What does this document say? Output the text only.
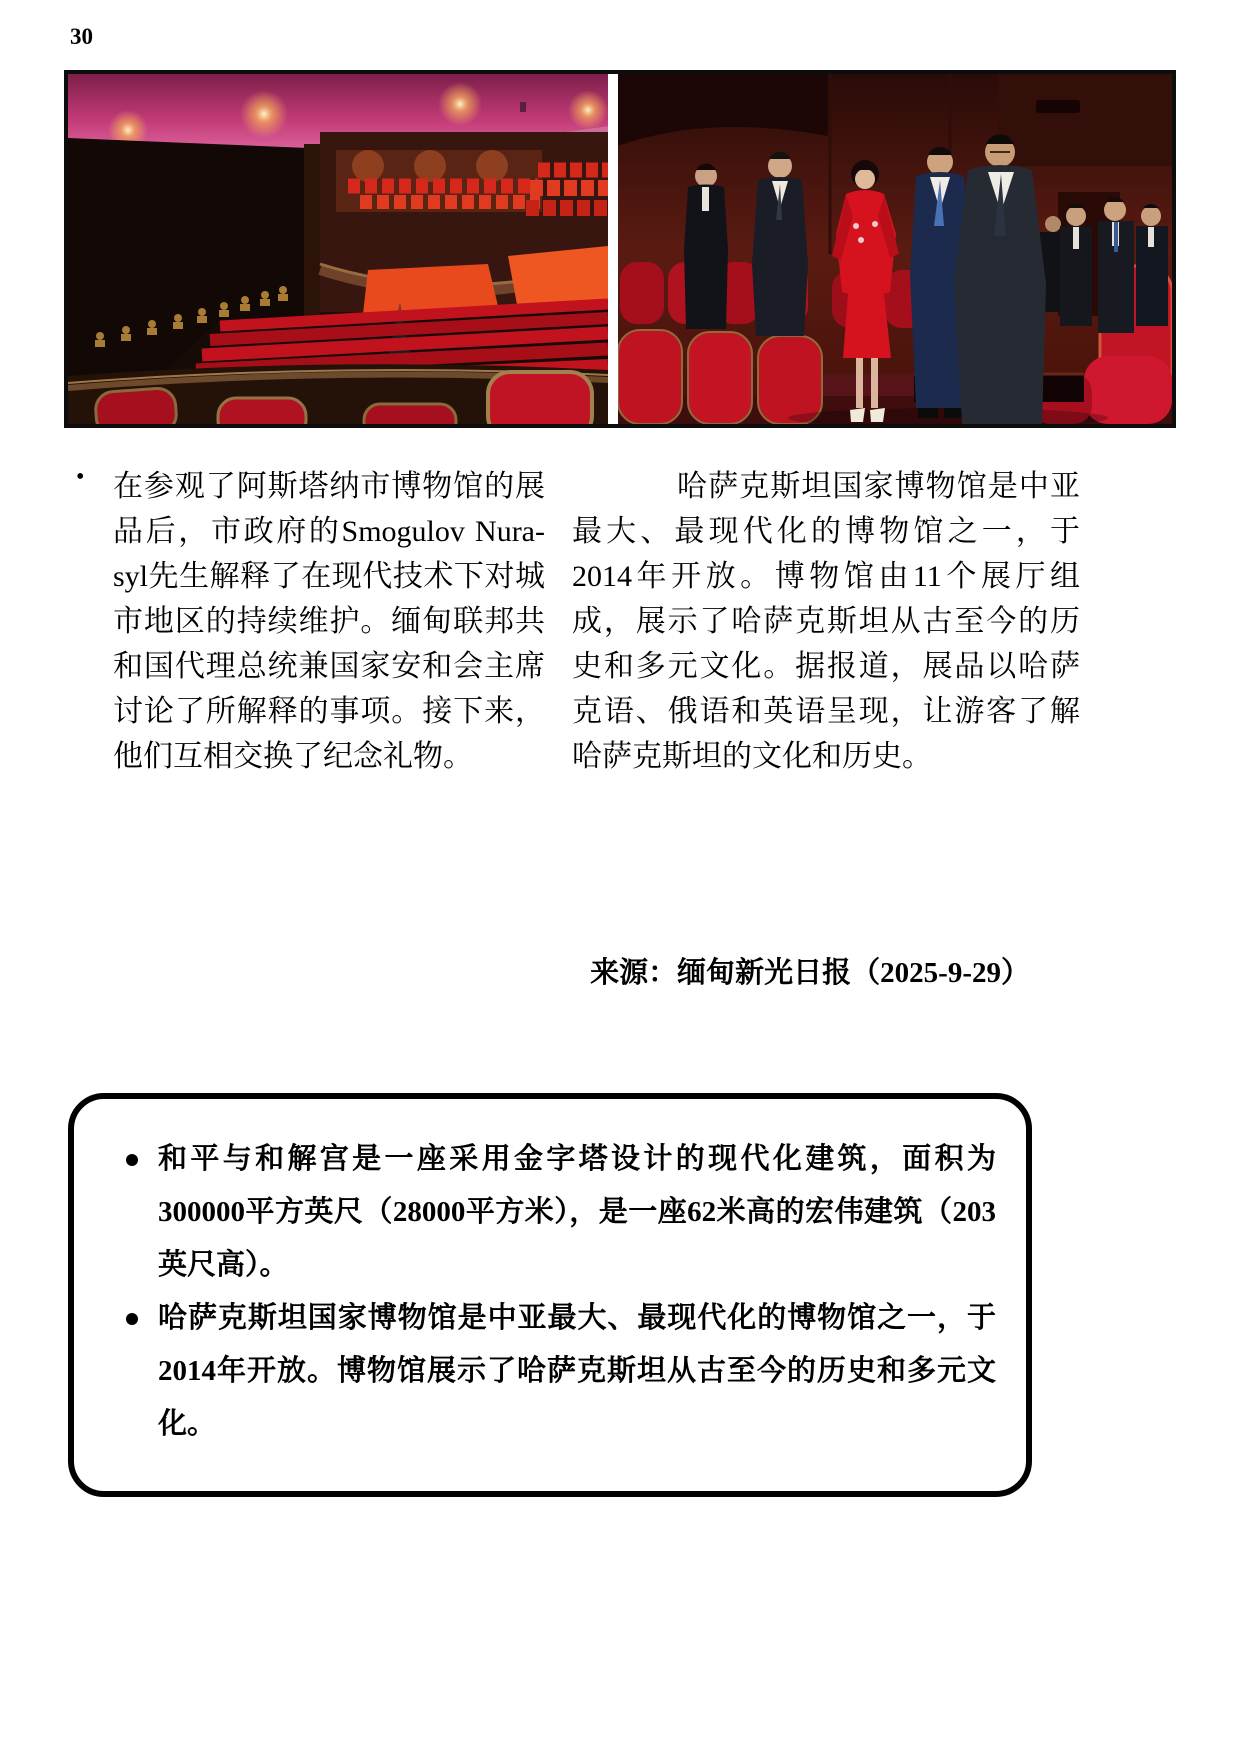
30
• 在参观了阿斯塔纳市博物馆的展品后，市政府的Smogulov Nura-syl先生解释了在现代技术下对城市地区的持续维护。缅甸联邦共和国代理总统兼国家安和会主席讨论了所解释的事项。接下来，他们互相交换了纪念礼物。
哈萨克斯坦国家博物馆是中亚最大、最现代化的博物馆之一，于2014年开放。博物馆由11个展厅组成，展示了哈萨克斯坦从古至今的历史和多元文化。据报道，展品以哈萨克语、俄语和英语呈现，让游客了解哈萨克斯坦的文化和历史。
来源：缅甸新光日报（2025-9-29）
和平与和解宫是一座采用金字塔设计的现代化建筑，面积为300000平方英尺（28000平方米），是一座62米高的宏伟建筑（203英尺高）。
哈萨克斯坦国家博物馆是中亚最大、最现代化的博物馆之一，于2014年开放。博物馆展示了哈萨克斯坦从古至今的历史和多元文化。
